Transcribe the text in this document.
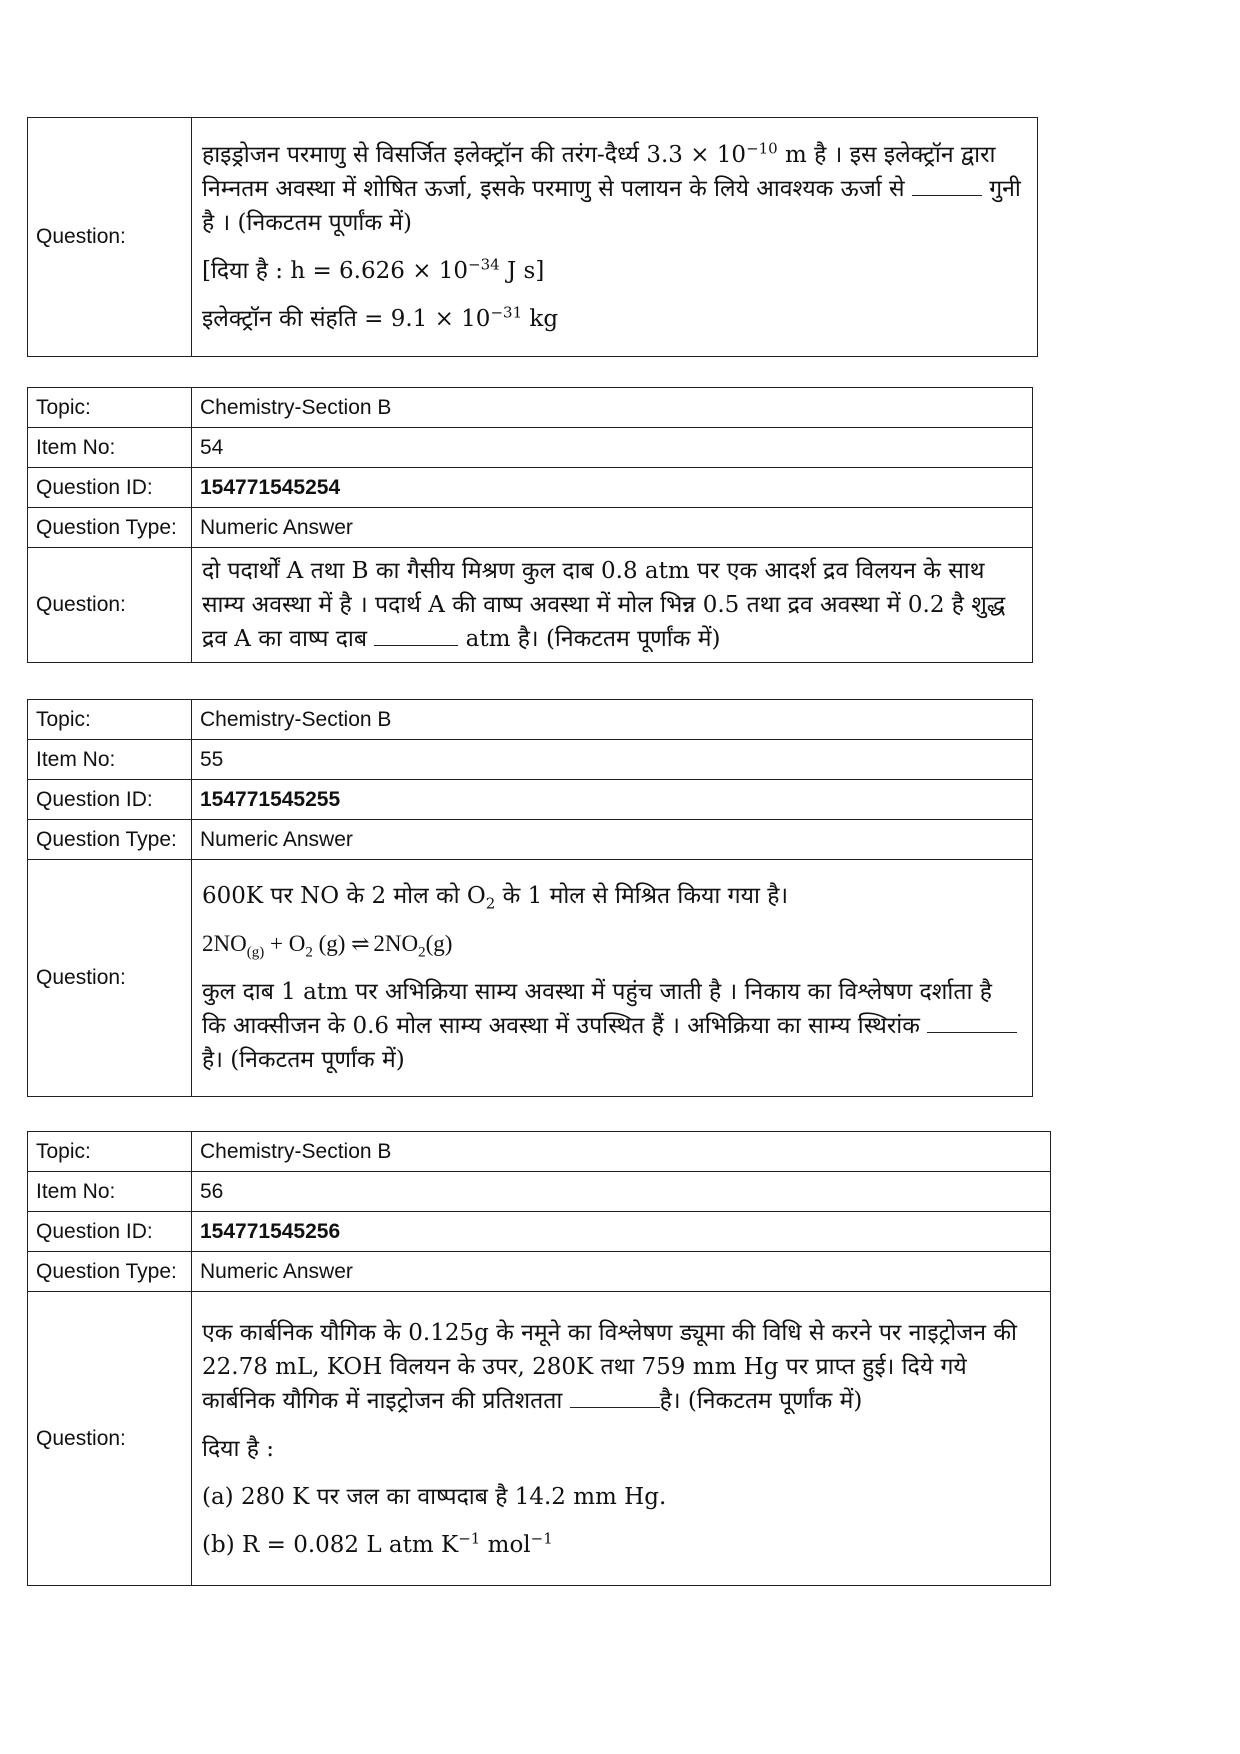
Question:	

हाइड्रोजन परमाणु से विसर्जित इलेक्ट्रॉन की तरंग-दैर्ध्य $3.3 \times 10^{-10}$ m है । इस इलेक्ट्रॉन द्वारा निम्नतम अवस्था में शोषित ऊर्जा, इसके परमाणु से पलायन के लिये आवश्यक ऊर्जा से	गुनी है । (निकटतम पूर्णांक में)

[दिया है : $h = 6.626 \times 10^{-34}$ J s]

इलेक्ट्रॉन की संहति = $9.1 \times 10^{-31}$ kg

Topic:	Chemistry-Section B
Item No:	54
Question ID:	154771545254
Question Type:	Numeric Answer
Question:	दो पदार्थों A तथा B का गैसीय मिश्रण कुल दाब 0.8 atm पर एक आदर्श द्रव विलयन के साथ साम्य अवस्था में है । पदार्थ A की वाष्प अवस्था में मोल भिन्न 0.5 तथा द्रव अवस्था में 0.2 है शुद्ध द्रव A का वाष्प दाब atm है। (निकटतम पूर्णांक में)

Topic:	Chemistry-Section B
Item No:	55
Question ID:	154771545255
Question Type:	Numeric Answer
Question:	600K पर NO के 2 मोल को $O_2$ के 1 मोल से मिश्रित किया गया है।

$2NO_{(g)} + O_2$ (g) ⇌ $2NO_2(g)$

कुल दाब 1 atm पर अभिक्रिया साम्य अवस्था में पहुंच जाती है । निकाय का विश्लेषण दर्शाता है कि आक्सीजन के 0.6 मोल साम्य अवस्था में उपस्थित हैं । अभिक्रिया का साम्य स्थिरांक है। (निकटतम पूर्णांक में)

Topic:	Chemistry-Section B
Item No:	56
Question ID:	154771545256
Question Type:	Numeric Answer
Question:	एक कार्बनिक यौगिक के 0.125g के नमूने का विश्लेषण ड्यूमा की विधि से करने पर नाइट्रोजन की 22.78 mL, KOH विलयन के उपर, 280K तथा 759 mm Hg पर प्राप्त हुई। दिये गये कार्बनिक यौगिक में नाइट्रोजन की प्रतिशतता है। (निकटतम पूर्णांक में)

दिया है :

(a) 280 K पर जल का वाष्पदाब है 14.2 mm Hg.

(b) R = 0.082 L atm $K^{-1}$ mol$^{-1}$
